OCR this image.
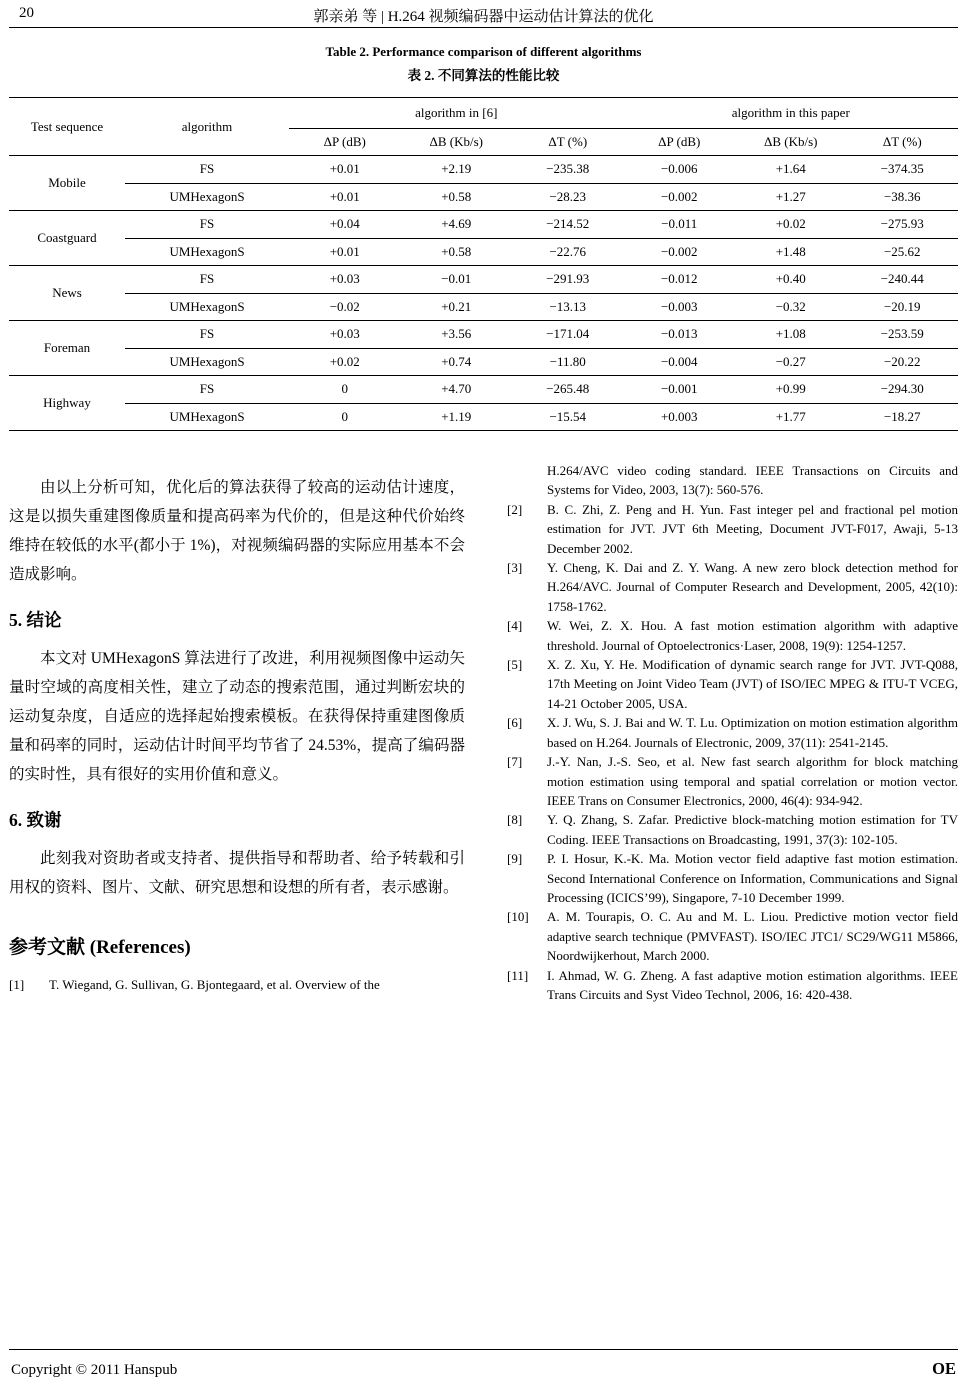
20	郭亲弟 等 | H.264 视频编码器中运动估计算法的优化
Table 2. Performance comparison of different algorithms
表 2. 不同算法的性能比较
Test sequence	algorithm	algorithm in [6]			algorithm in this paper		
		ΔP (dB)	ΔB (Kb/s)	ΔT (%)	ΔP (dB)	ΔB (Kb/s)	ΔT (%)
Mobile	FS	+0.01	+2.19	−235.38	−0.006	+1.64	−374.35
	UMHexagonS	+0.01	+0.58	−28.23	−0.002	+1.27	−38.36
Coastguard	FS	+0.04	+4.69	−214.52	−0.011	+0.02	−275.93
	UMHexagonS	+0.01	+0.58	−22.76	−0.002	+1.48	−25.62
News	FS	+0.03	−0.01	−291.93	−0.012	+0.40	−240.44
	UMHexagonS	−0.02	+0.21	−13.13	−0.003	−0.32	−20.19
Foreman	FS	+0.03	+3.56	−171.04	−0.013	+1.08	−253.59
	UMHexagonS	+0.02	+0.74	−11.80	−0.004	−0.27	−20.22
Highway	FS	0	+4.70	−265.48	−0.001	+0.99	−294.30
	UMHexagonS	0	+1.19	−15.54	+0.003	+1.77	−18.27

由以上分析可知，优化后的算法获得了较高的运动估计速度，这是以损失重建图像质量和提高码率为代价的，但是这种代价始终维持在较低的水平(都小于 1%)，对视频编码器的实际应用基本不会造成影响。

5. 结论

本文对 UMHexagonS 算法进行了改进，利用视频图像中运动矢量时空域的高度相关性，建立了动态的搜索范围，通过判断宏块的运动复杂度，自适应的选择起始搜索模板。在获得保持重建图像质量和码率的同时，运动估计时间平均节省了 24.53%，提高了编码器的实时性，具有很好的实用价值和意义。

6. 致谢

此刻我对资助者或支持者、提供指导和帮助者、给予转载和引用权的资料、图片、文献、研究思想和设想的所有者，表示感谢。

参考文献 (References)
[1]	T. Wiegand, G. Sullivan, G. Bjontegaard, et al. Overview of the
H.264/AVC video coding standard. IEEE Transactions on Circuits and Systems for Video, 2003, 13(7): 560-576.
[2]	B. C. Zhi, Z. Peng and H. Yun. Fast integer pel and fractional pel motion estimation for JVT. JVT 6th Meeting, Document JVT-F017, Awaji, 5-13 December 2002.
[3]	Y. Cheng, K. Dai and Z. Y. Wang. A new zero block detection method for H.264/AVC. Journal of Computer Research and Development, 2005, 42(10): 1758-1762.
[4]	W. Wei, Z. X. Hou. A fast motion estimation algorithm with adaptive threshold. Journal of Optoelectronics·Laser, 2008, 19(9): 1254-1257.
[5]	X. Z. Xu, Y. He. Modification of dynamic search range for JVT. JVT-Q088, 17th Meeting on Joint Video Team (JVT) of ISO/IEC MPEG & ITU-T VCEG, 14-21 October 2005, USA.
[6]	X. J. Wu, S. J. Bai and W. T. Lu. Optimization on motion estimation algorithm based on H.264. Journals of Electronic, 2009, 37(11): 2541-2145.
[7]	J.-Y. Nan, J.-S. Seo, et al. New fast search algorithm for block matching motion estimation using temporal and spatial correlation or motion vector. IEEE Trans on Consumer Electronics, 2000, 46(4): 934-942.
[8]	Y. Q. Zhang, S. Zafar. Predictive block-matching motion estimation for TV Coding. IEEE Transactions on Broadcasting, 1991, 37(3): 102-105.
[9]	P. I. Hosur, K.-K. Ma. Motion vector field adaptive fast motion estimation. Second International Conference on Information, Communications and Signal Processing (ICICS’99), Singapore, 7-10 December 1999.
[10]	A. M. Tourapis, O. C. Au and M. L. Liou. Predictive motion vector field adaptive search technique (PMVFAST). ISO/IEC JTC1/ SC29/WG11 M5866, Noordwijkerhout, March 2000.
[11]	I. Ahmad, W. G. Zheng. A fast adaptive motion estimation algorithms. IEEE Trans Circuits and Syst Video Technol, 2006, 16: 420-438.
Copyright © 2011 Hanspub	OE
